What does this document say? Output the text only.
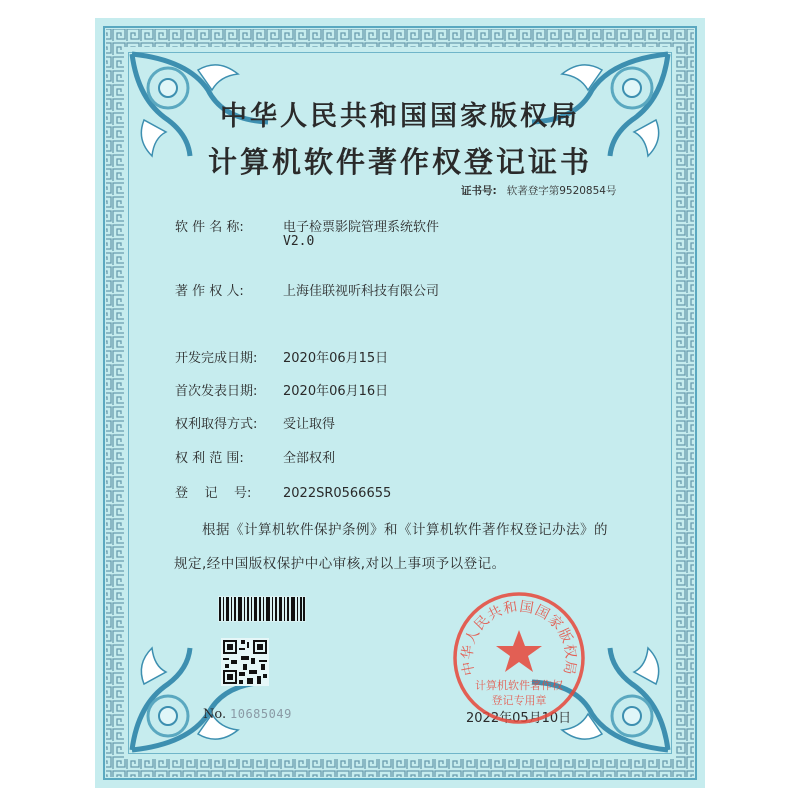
中华人民共和国国家版权局
计算机软件著作权登记证书
证书号: 软著登字第9520854号
软 件 名 称:	电子检票影院管理系统软件
V2.0
著 作 权 人:	上海佳联视听科技有限公司
开发完成日期: 2020年06月15日
首次发表日期: 2020年06月16日
权利取得方式: 受让取得
权 利 范 围:	全部权利
登    记    号: 2022SR0566655
根据《计算机软件保护条例》和《计算机软件著作权登记办法》的
规定,经中国版权保护中心审核,对以上事项予以登记。
No. 10685049	2022年05月10日
中华人民共和国国家版权局
计算机软件著作权
登记专用章
